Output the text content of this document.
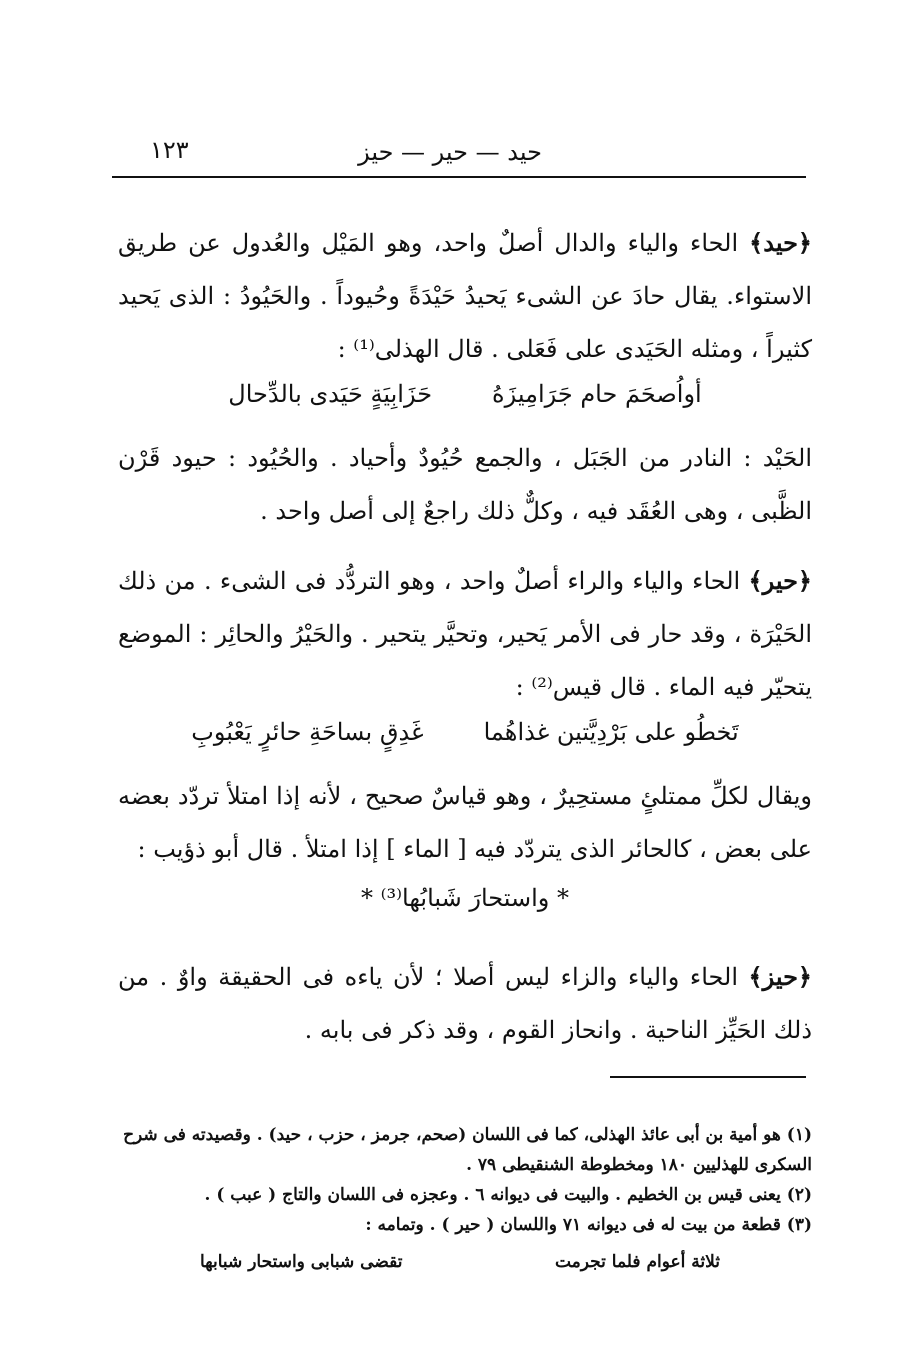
حيد — حير — حيز
١٢٣

﴿حيد﴾ الحاء والياء والدال أصلٌ واحد، وهو المَيْل والعُدول عن طريق الاستواء. يقال حادَ عن الشىء يَحيدُ حَيْدَةً وحُيوداً . والحَيُودُ : الذى يَحيد كثيراً ، ومثله الحَيَدى على فَعَلى . قال الهذلى⁽¹⁾ :

أواُصحَمَ حام جَرَامِيزَهُ
حَزَابِيَةٍ حَيَدى بالدِّحال

الحَيْد : النادر من الجَبَل ، والجمع حُيُودٌ وأحياد . والحُيُود : حيود قَرْن الظَّبى ، وهى العُقَد فيه ، وكلٌّ ذلك راجعٌ إلى أصل واحد .

﴿حير﴾ الحاء والياء والراء أصلٌ واحد ، وهو التردُّد فى الشىء . من ذلك الحَيْرَة ، وقد حار فى الأمر يَحير، وتحيَّر يتحير . والحَيْرُ والحائِر : الموضع يتحيّر فيه الماء . قال قيس⁽²⁾ :

تَخطُو على بَرْدِيَّتين غذاهُما
غَدِقٍ بساحَةِ حائرٍ يَعْبُوبِ

ويقال لكلِّ ممتلئٍ مستحِيرٌ ، وهو قياسٌ صحيح ، لأنه إذا امتلأ تردّد بعضه على بعض ، كالحائر الذى يتردّد فيه [ الماء ] إذا امتلأ . قال أبو ذؤيب :

* واستحارَ شَبابُها⁽³⁾ *

﴿حيز﴾ الحاء والياء والزاء ليس أصلا ؛ لأن ياءه فى الحقيقة واوٌ . من ذلك الحَيِّز الناحية . وانحاز القوم ، وقد ذكر فى بابه .

(١) هو أمية بن أبى عائذ الهذلى، كما فى اللسان (صحم، جرمز ، حزب ، حيد) . وقصيدته فى شرح السكرى للهذليين ١٨٠ ومخطوطة الشنقيطى ٧٩ .

(٢) يعنى قيس بن الخطيم . والبيت فى ديوانه ٦ . وعجزه فى اللسان والتاج ( عبب ) .

(٣) قطعة من بيت له فى ديوانه ٧١ واللسان ( حير ) . وتمامه :

ثلاثة أعوام فلما تجرمت
تقضى شبابى واستحار شبابها
